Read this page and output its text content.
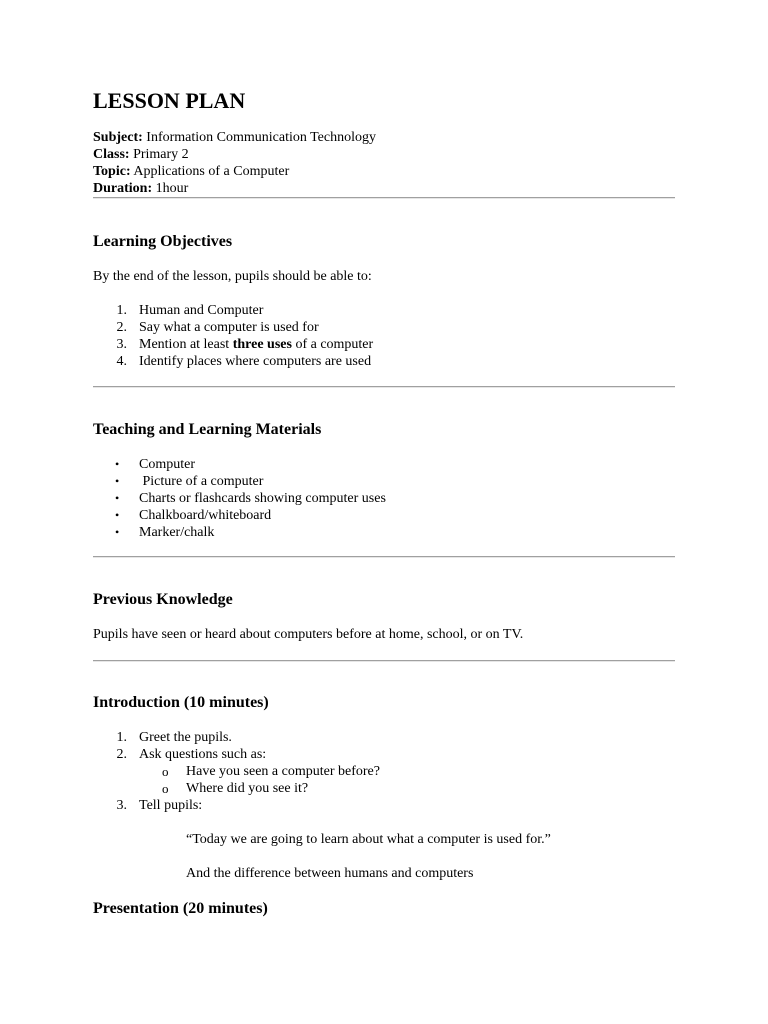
LESSON PLAN
Subject: Information Communication Technology
Class: Primary 2
Topic: Applications of a Computer
Duration: 1hour
Learning Objectives
By the end of the lesson, pupils should be able to:
1. Human and Computer
2. Say what a computer is used for
3. Mention at least three uses of a computer
4. Identify places where computers are used
Teaching and Learning Materials
• Computer
• Picture of a computer
• Charts or flashcards showing computer uses
• Chalkboard/whiteboard
• Marker/chalk
Previous Knowledge
Pupils have seen or heard about computers before at home, school, or on TV.
Introduction (10 minutes)
1. Greet the pupils.
2. Ask questions such as:
o Have you seen a computer before?
o Where did you see it?
3. Tell pupils:
“Today we are going to learn about what a computer is used for.”
And the difference between humans and computers
Presentation (20 minutes)
